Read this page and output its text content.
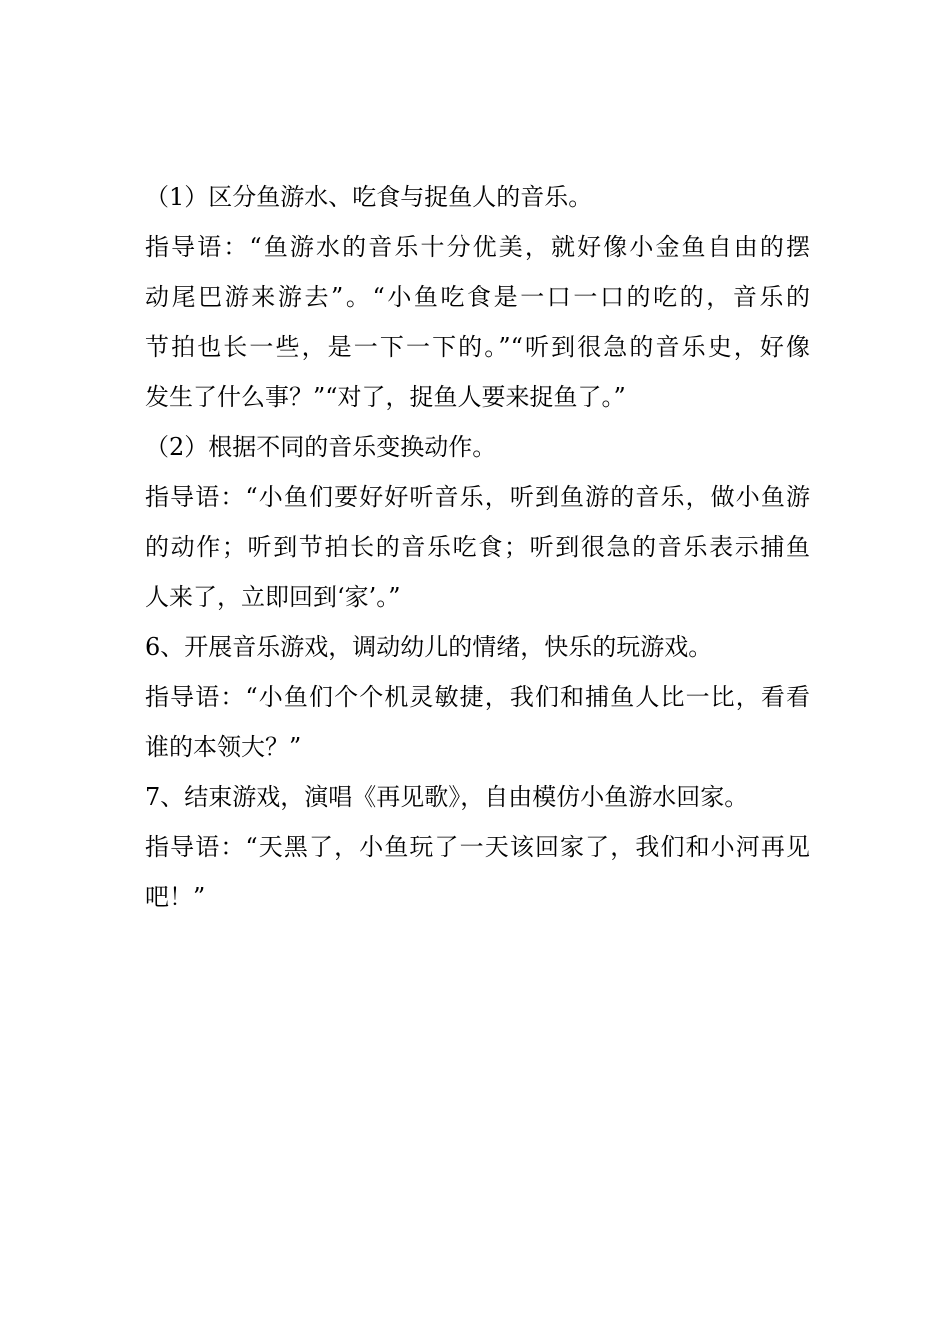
（1）区分鱼游水、吃食与捉鱼人的音乐。

指导语：“鱼游水的音乐十分优美，就好像小金鱼自由的摆
动尾巴游来游去”。“小鱼吃食是一口一口的吃的，音乐的
节拍也长一些，是一下一下的。”“听到很急的音乐史，好像
发生了什么事？”“对了，捉鱼人要来捉鱼了。”

（2）根据不同的音乐变换动作。

指导语：“小鱼们要好好听音乐，听到鱼游的音乐，做小鱼游
的动作；听到节拍长的音乐吃食；听到很急的音乐表示捕鱼
人来了，立即回到‘家’。”

6、开展音乐游戏，调动幼儿的情绪，快乐的玩游戏。

指导语：“小鱼们个个机灵敏捷，我们和捕鱼人比一比，看看
谁的本领大？”

7、结束游戏，演唱《再见歌》，自由模仿小鱼游水回家。

指导语：“天黑了，小鱼玩了一天该回家了，我们和小河再见
吧！”
